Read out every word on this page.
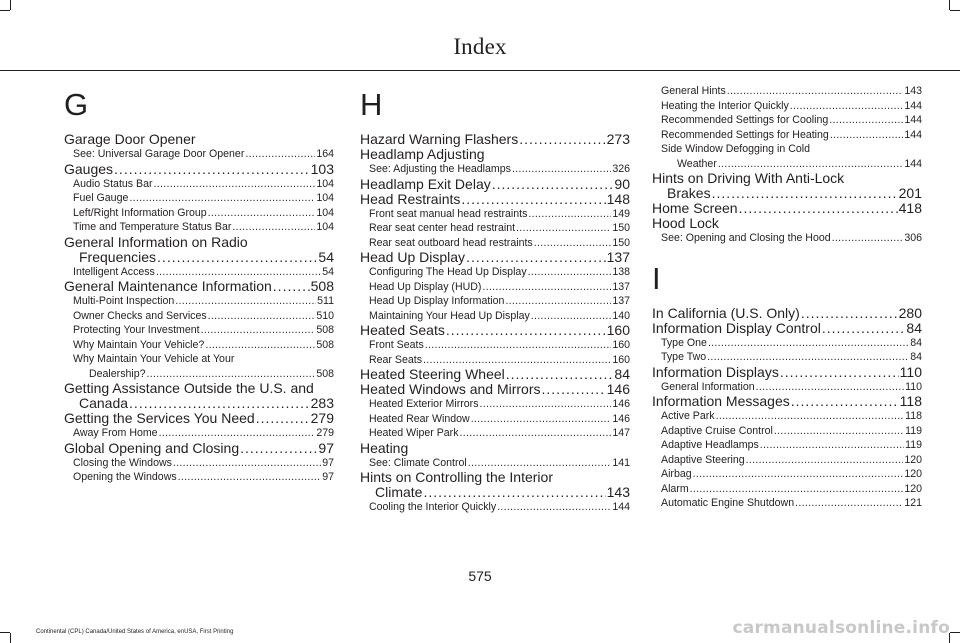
Index
G
Garage Door Opener
See: Universal Garage Door Opener .....	164
Gauges .....	103
Audio Status Bar .....	104
Fuel Gauge .....	104
Left/Right Information Group .....	104
Time and Temperature Status Bar .....	104
General Information on Radio
Frequencies .....	54
Intelligent Access .....	54
General Maintenance Information .....	508
Multi-Point Inspection .....	511
Owner Checks and Services .....	510
Protecting Your Investment .....	508
Why Maintain Your Vehicle? .....	508
Why Maintain Your Vehicle at Your
Dealership? .....	508
Getting Assistance Outside the U.S. and
Canada .....	283
Getting the Services You Need .....	279
Away From Home .....	279
Global Opening and Closing .....	97
Closing the Windows .....	97
Opening the Windows .....	97
H
Hazard Warning Flashers .....	273
Headlamp Adjusting
See: Adjusting the Headlamps .....	326
Headlamp Exit Delay .....	90
Head Restraints .....	148
Front seat manual head restraints .....	149
Rear seat center head restraint .....	150
Rear seat outboard head restraints .....	150
Head Up Display .....	137
Configuring The Head Up Display .....	138
Head Up Display (HUD) .....	137
Head Up Display Information .....	137
Maintaining Your Head Up Display .....	140
Heated Seats .....	160
Front Seats .....	160
Rear Seats .....	160
Heated Steering Wheel .....	84
Heated Windows and Mirrors .....	146
Heated Exterior Mirrors .....	146
Heated Rear Window .....	146
Heated Wiper Park .....	147
Heating
See: Climate Control .....	141
Hints on Controlling the Interior
Climate .....	143
Cooling the Interior Quickly .....	144
General Hints .....	143
Heating the Interior Quickly .....	144
Recommended Settings for Cooling .....	144
Recommended Settings for Heating .....	144
Side Window Defogging in Cold
Weather .....	144
Hints on Driving With Anti-Lock
Brakes .....	201
Home Screen .....	418
Hood Lock
See: Opening and Closing the Hood .....	306
I
In California (U.S. Only) .....	280
Information Display Control .....	84
Type One .....	84
Type Two .....	84
Information Displays .....	110
General Information .....	110
Information Messages .....	118
Active Park .....	118
Adaptive Cruise Control .....	119
Adaptive Headlamps .....	119
Adaptive Steering .....	120
Airbag .....	120
Alarm .....	120
Automatic Engine Shutdown .....	121
575
Continental (CPL) Canada/United States of America, enUSA, First Printing	carmanualsonline.info
